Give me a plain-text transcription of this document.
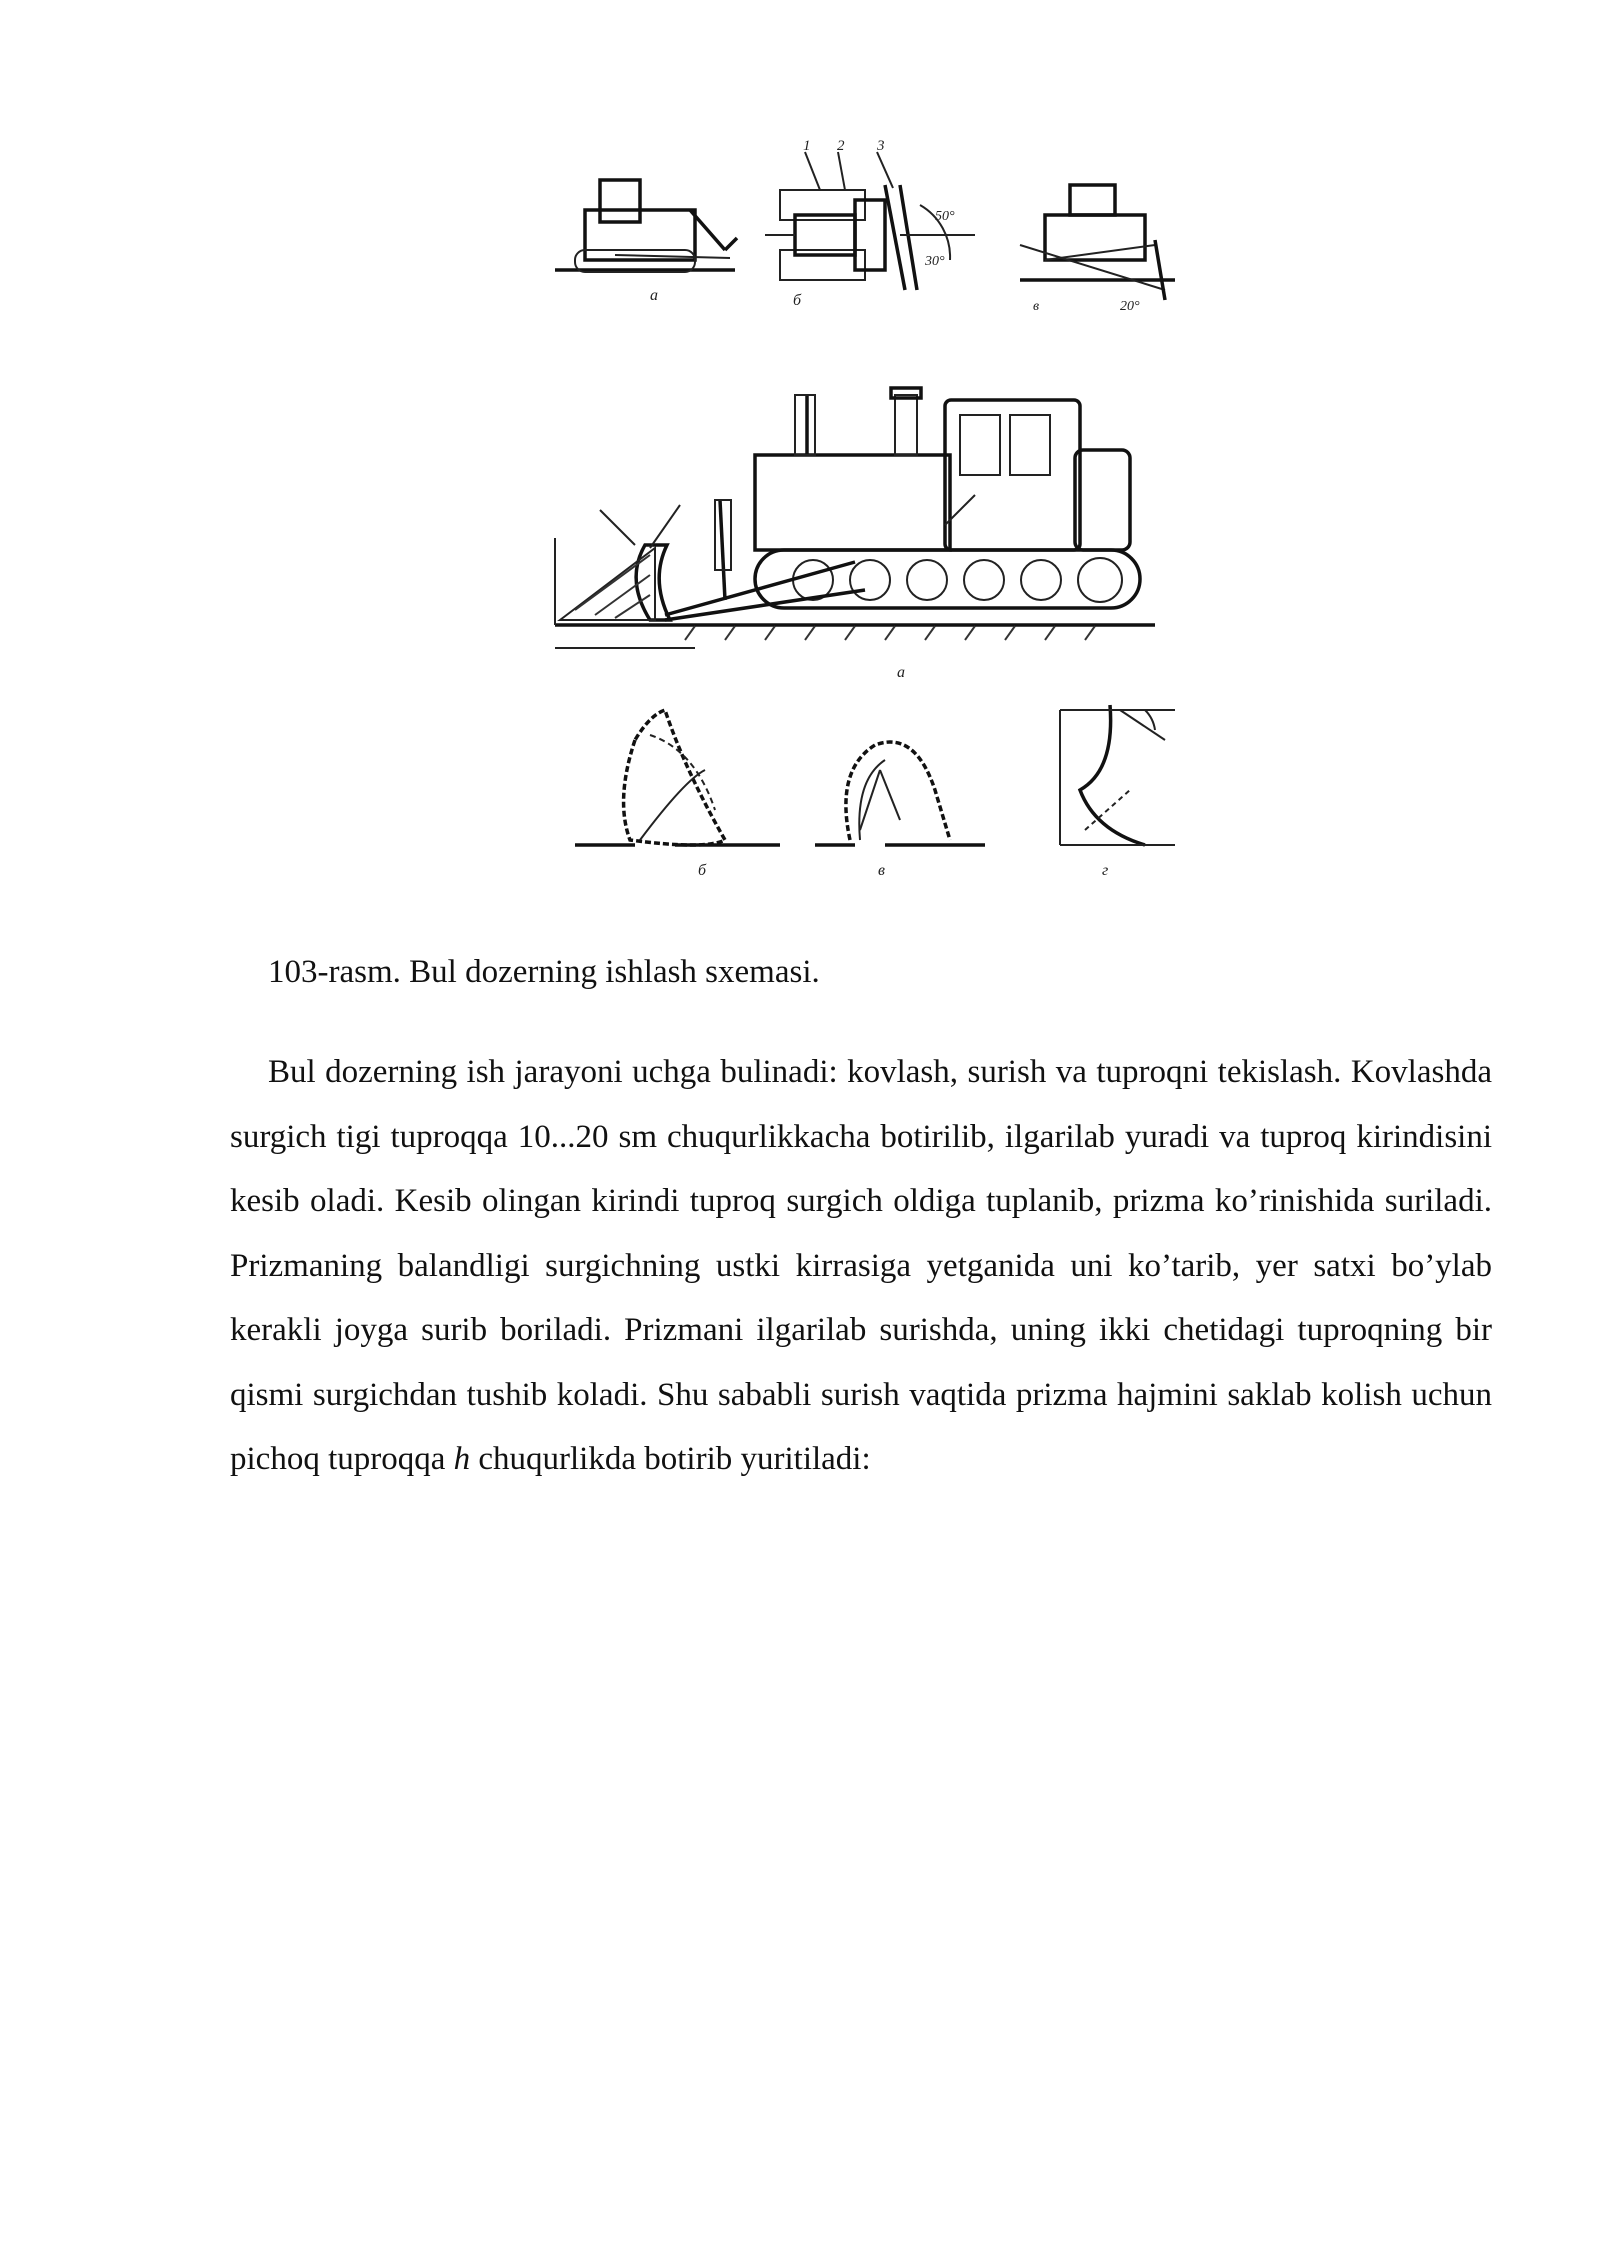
a
1 2 3
50°
30°
б	в	20°
a
б	в	г
103-rasm. Bul dozerning ishlash sxemasi.

Bul dozerning ish jarayoni uchga bulinadi: kovlash, surish va tuproqni tekislash. Kovlashda surgich tigi tuproqqa 10...20 sm chuqurlikkacha botirilib, ilgarilab yuradi va tuproq kirindisini kesib oladi. Kesib olingan kirindi tuproq surgich oldiga tuplanib, prizma ko’rinishida suriladi. Prizmaning balandligi surgichning ustki kirrasiga yetganida uni ko’tarib, yer satxi bo’ylab kerakli joyga surib boriladi. Prizmani ilgarilab surishda, uning ikki chetidagi tuproqning bir qismi surgichdan tushib koladi. Shu sababli surish vaqtida prizma hajmini saklab kolish uchun pichoq tuproqqa h chuqurlikda botirib yuritiladi:
